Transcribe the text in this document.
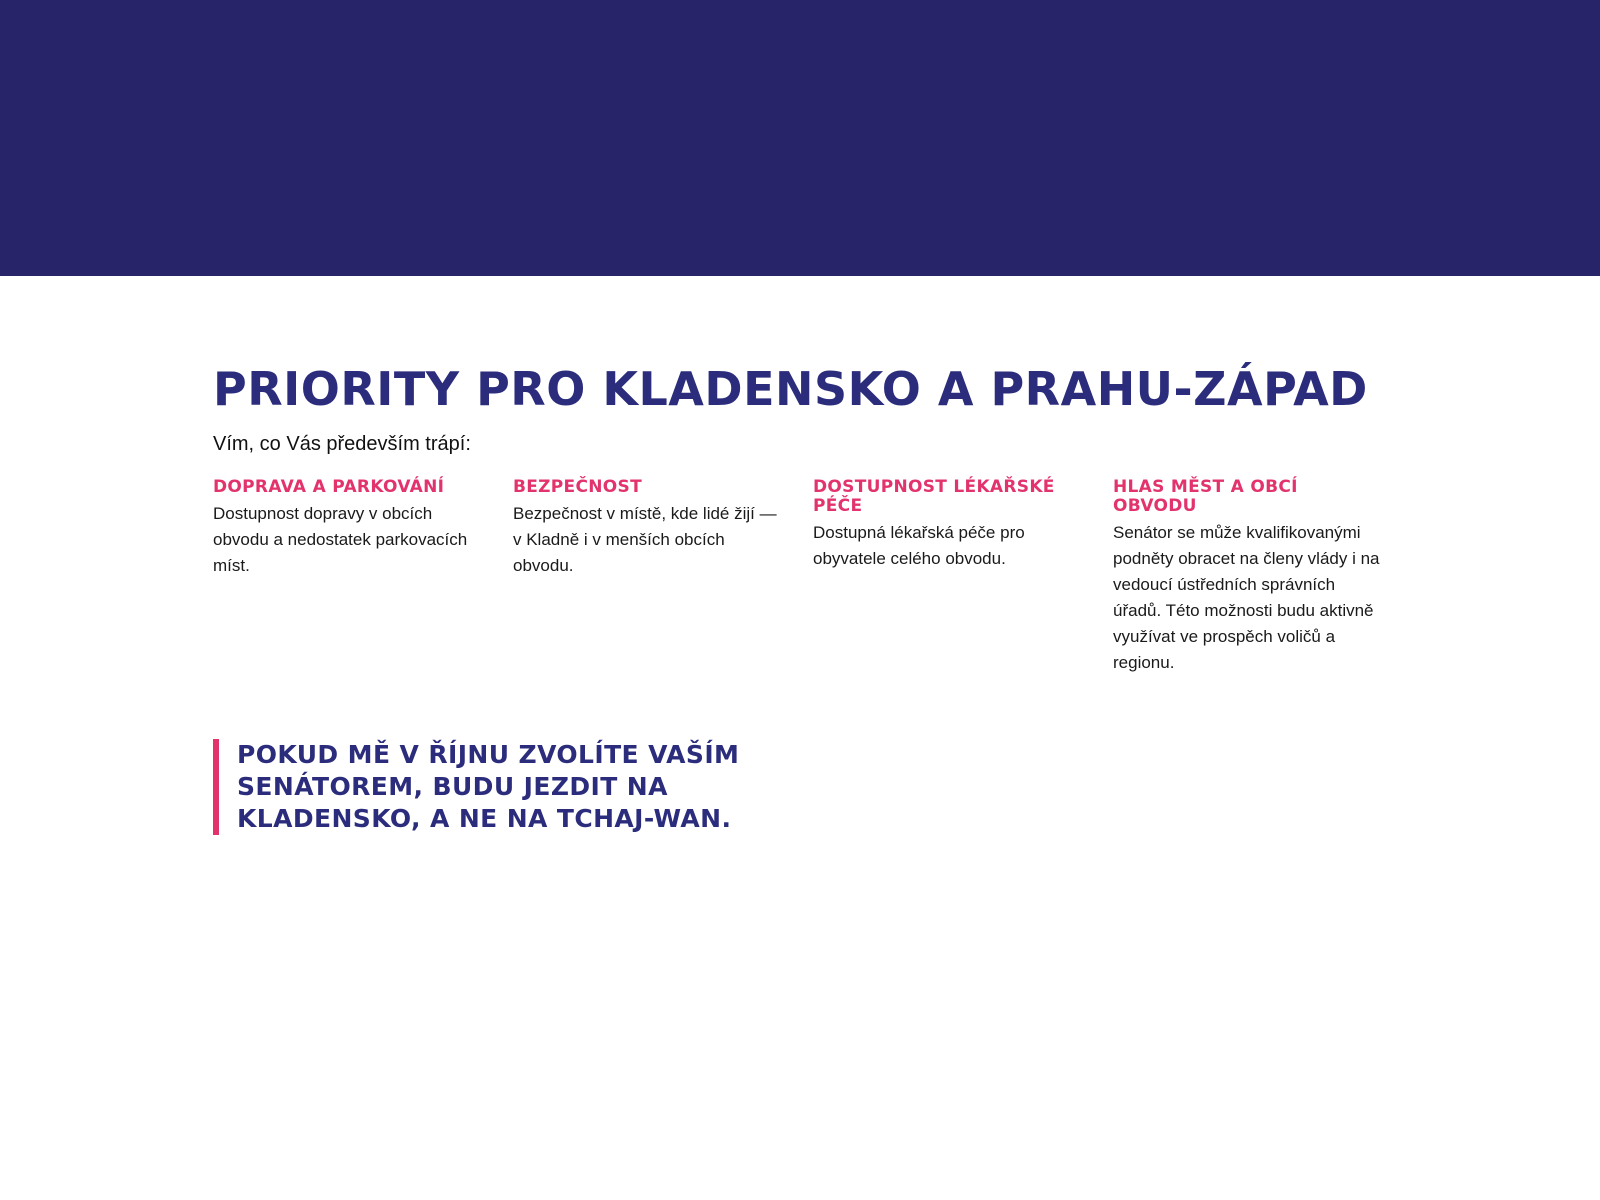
PRIORITY PRO KLADENSKO A PRAHU-ZÁPAD
Vím, co Vás především trápí:
DOPRAVA A PARKOVÁNÍ
Dostupnost dopravy v obcích obvodu a nedostatek parkovacích míst.
BEZPEČNOST
Bezpečnost v místě, kde lidé žijí — v Kladně i v menších obcích obvodu.
DOSTUPNOST LÉKAŘSKÉ PÉČE
Dostupná lékařská péče pro obyvatele celého obvodu.
HLAS MĚST A OBCÍ OBVODU
Senátor se může kvalifikovanými podněty obracet na členy vlády i na vedoucí ústředních správních úřadů. Této možnosti budu aktivně využívat ve prospěch voličů a regionu.
POKUD MĚ V ŘÍJNU ZVOLÍTE VAŠÍM SENÁTOREM, BUDU JEZDIT NA KLADENSKO, A NE NA TCHAJ-WAN.
